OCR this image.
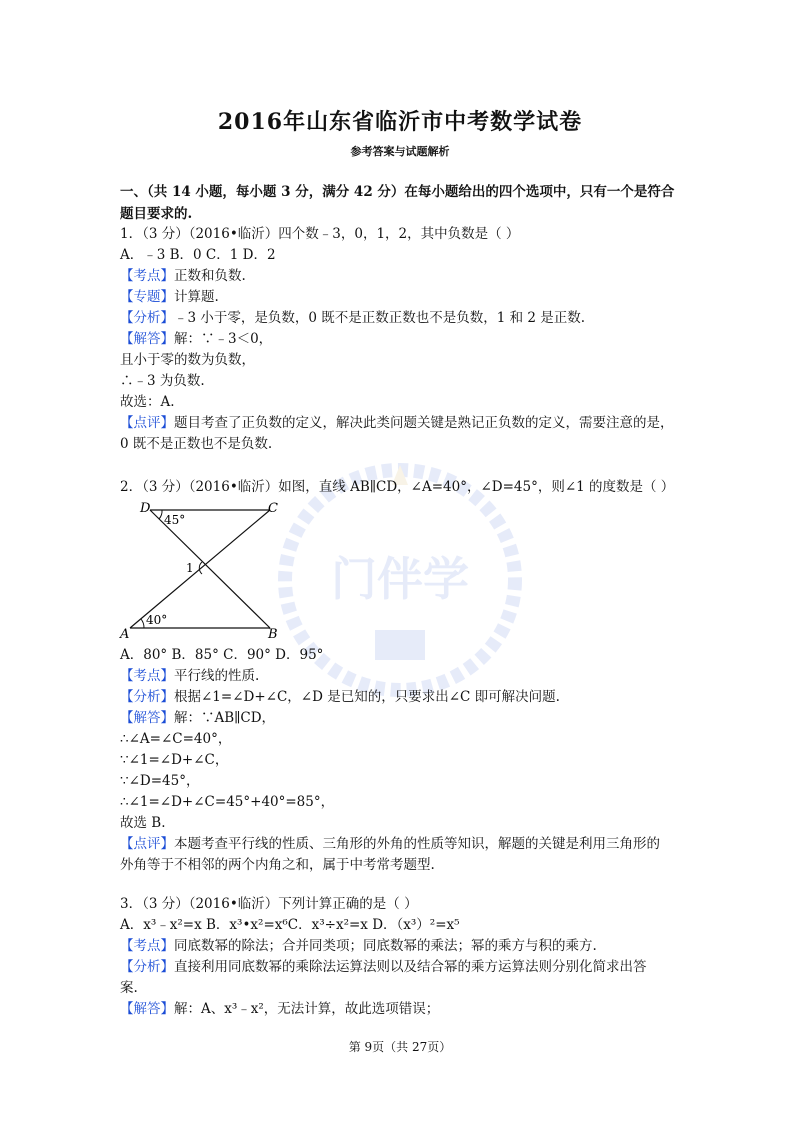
门伴学
2016年山东省临沂市中考数学试卷
参考答案与试题解析
一、（共 14 小题，每小题 3 分，满分 42 分）在每小题给出的四个选项中，只有一个是符合
题目要求的.
1．（3 分）（2016•临沂）四个数﹣3，0，1，2，其中负数是（ ）
A．﹣3 B．0 C．1 D．2
【考点】正数和负数.
【专题】计算题.
【分析】﹣3 小于零，是负数，0 既不是正数正数也不是负数，1 和 2 是正数.
【解答】解：∵﹣3＜0，
且小于零的数为负数，
∴﹣3 为负数.
故选：A.
【点评】题目考查了正负数的定义，解决此类问题关键是熟记正负数的定义，需要注意的是，
0 既不是正数也不是负数.
2．（3 分）（2016•临沂）如图，直线 AB∥CD，∠A=40°，∠D=45°，则∠1 的度数是（ ）
D	C
A	B
45°
40°
1
A．80° B．85° C．90° D．95°
【考点】平行线的性质.
【分析】根据∠1=∠D+∠C，∠D 是已知的，只要求出∠C 即可解决问题.
【解答】解：∵AB∥CD，
∴∠A=∠C=40°，
∵∠1=∠D+∠C，
∵∠D=45°，
∴∠1=∠D+∠C=45°+40°=85°，
故选 B.
【点评】本题考查平行线的性质、三角形的外角的性质等知识，解题的关键是利用三角形的
外角等于不相邻的两个内角之和，属于中考常考题型.
3．（3 分）（2016•临沂）下列计算正确的是（ ）
A．x³﹣x²=x B．x³•x²=x⁶C．x³÷x²=x D．（x³）²=x⁵
【考点】同底数幂的除法；合并同类项；同底数幂的乘法；幂的乘方与积的乘方.
【分析】直接利用同底数幂的乘除法运算法则以及结合幂的乘方运算法则分别化简求出答
案.
【解答】解：A、x³﹣x²，无法计算，故此选项错误；
第 9页（共 27页）
